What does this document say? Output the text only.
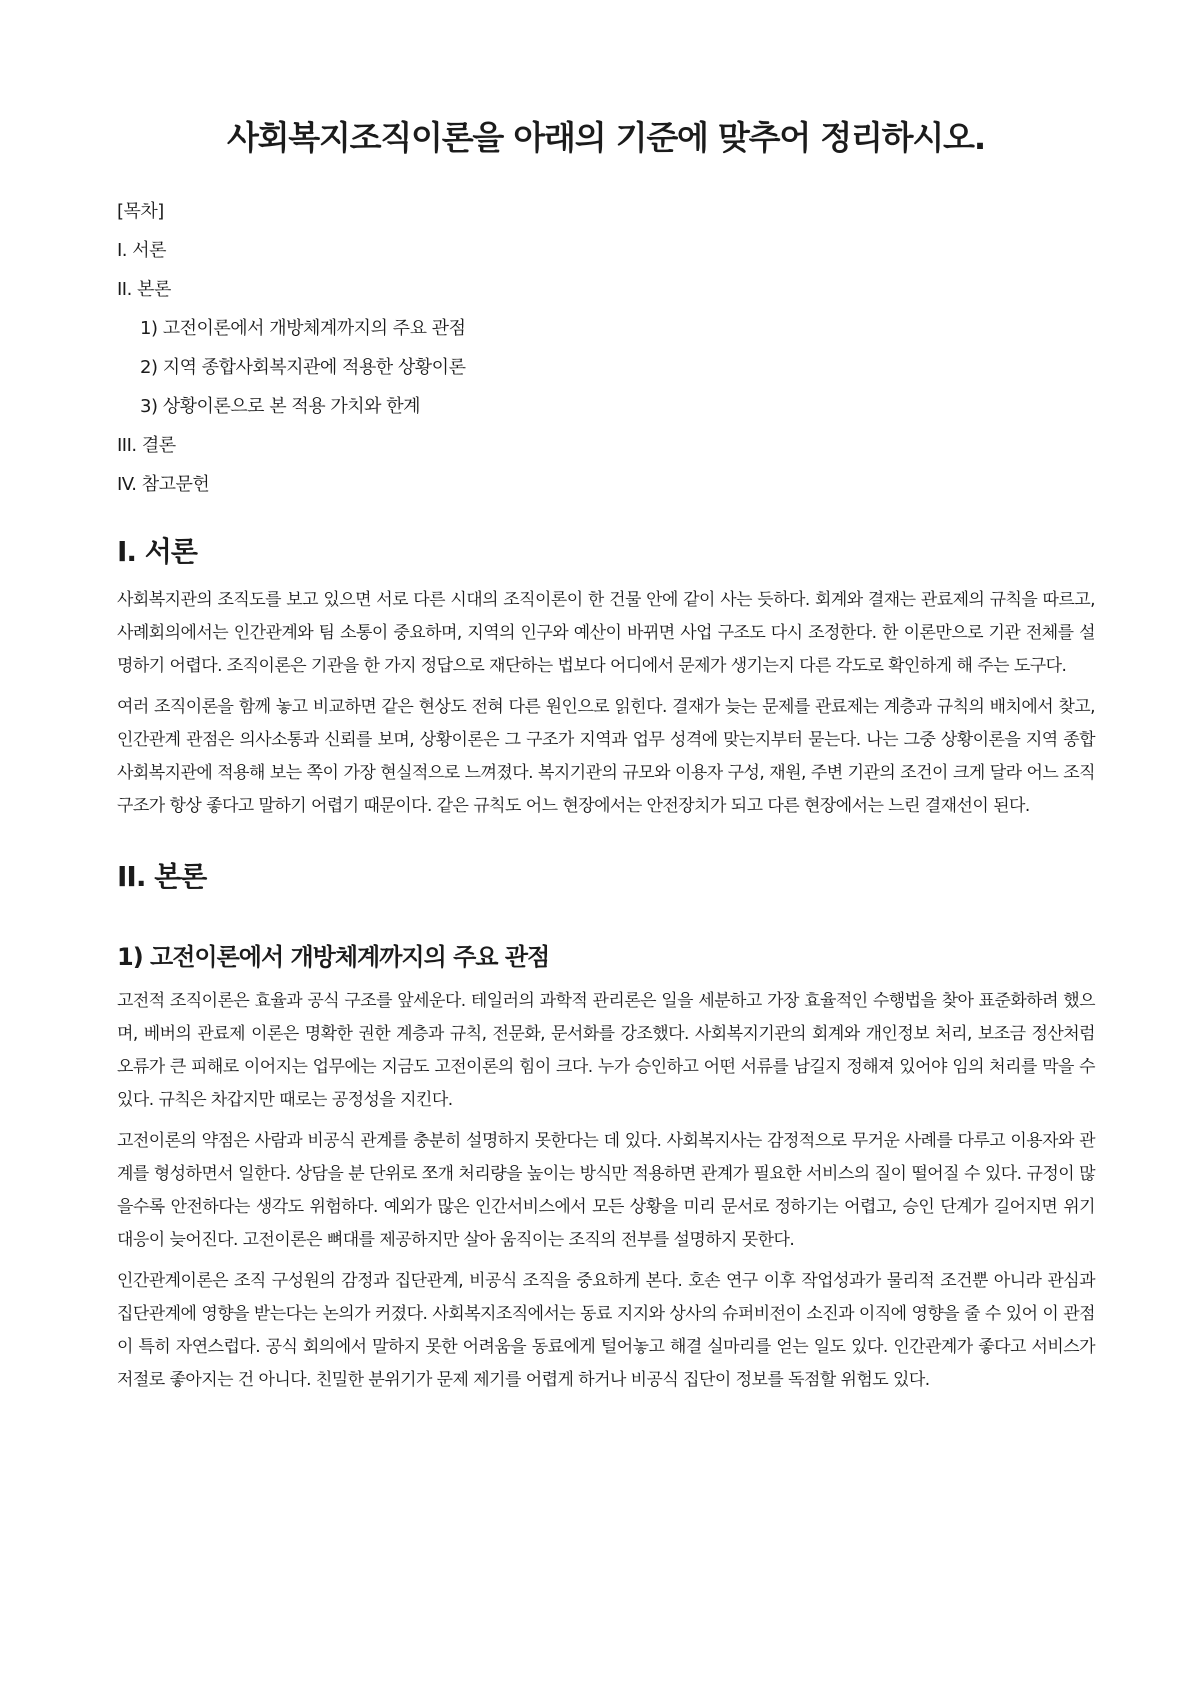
사회복지조직이론을 아래의 기준에 맞추어 정리하시오.
[목차]
I. 서론
II. 본론
1) 고전이론에서 개방체계까지의 주요 관점
2) 지역 종합사회복지관에 적용한 상황이론
3) 상황이론으로 본 적용 가치와 한계
III. 결론
IV. 참고문헌
I. 서론

사회복지관의 조직도를 보고 있으면 서로 다른 시대의 조직이론이 한 건물 안에 같이 사는 듯하다. 회계와 결재는 관료제의 규칙을 따르고, 사례회의에서는 인간관계와 팀 소통이 중요하며, 지역의 인구와 예산이 바뀌면 사업 구조도 다시 조정한다. 한 이론만으로 기관 전체를 설명하기 어렵다. 조직이론은 기관을 한 가지 정답으로 재단하는 법보다 어디에서 문제가 생기는지 다른 각도로 확인하게 해 주는 도구다.

여러 조직이론을 함께 놓고 비교하면 같은 현상도 전혀 다른 원인으로 읽힌다. 결재가 늦는 문제를 관료제는 계층과 규칙의 배치에서 찾고, 인간관계 관점은 의사소통과 신뢰를 보며, 상황이론은 그 구조가 지역과 업무 성격에 맞는지부터 묻는다. 나는 그중 상황이론을 지역 종합사회복지관에 적용해 보는 쪽이 가장 현실적으로 느껴졌다. 복지기관의 규모와 이용자 구성, 재원, 주변 기관의 조건이 크게 달라 어느 조직구조가 항상 좋다고 말하기 어렵기 때문이다. 같은 규칙도 어느 현장에서는 안전장치가 되고 다른 현장에서는 느린 결재선이 된다.

II. 본론
1) 고전이론에서 개방체계까지의 주요 관점

고전적 조직이론은 효율과 공식 구조를 앞세운다. 테일러의 과학적 관리론은 일을 세분하고 가장 효율적인 수행법을 찾아 표준화하려 했으며, 베버의 관료제 이론은 명확한 권한 계층과 규칙, 전문화, 문서화를 강조했다. 사회복지기관의 회계와 개인정보 처리, 보조금 정산처럼 오류가 큰 피해로 이어지는 업무에는 지금도 고전이론의 힘이 크다. 누가 승인하고 어떤 서류를 남길지 정해져 있어야 임의 처리를 막을 수 있다. 규칙은 차갑지만 때로는 공정성을 지킨다.

고전이론의 약점은 사람과 비공식 관계를 충분히 설명하지 못한다는 데 있다. 사회복지사는 감정적으로 무거운 사례를 다루고 이용자와 관계를 형성하면서 일한다. 상담을 분 단위로 쪼개 처리량을 높이는 방식만 적용하면 관계가 필요한 서비스의 질이 떨어질 수 있다. 규정이 많을수록 안전하다는 생각도 위험하다. 예외가 많은 인간서비스에서 모든 상황을 미리 문서로 정하기는 어렵고, 승인 단계가 길어지면 위기 대응이 늦어진다. 고전이론은 뼈대를 제공하지만 살아 움직이는 조직의 전부를 설명하지 못한다.

인간관계이론은 조직 구성원의 감정과 집단관계, 비공식 조직을 중요하게 본다. 호손 연구 이후 작업성과가 물리적 조건뿐 아니라 관심과 집단관계에 영향을 받는다는 논의가 커졌다. 사회복지조직에서는 동료 지지와 상사의 슈퍼비전이 소진과 이직에 영향을 줄 수 있어 이 관점이 특히 자연스럽다. 공식 회의에서 말하지 못한 어려움을 동료에게 털어놓고 해결 실마리를 얻는 일도 있다. 인간관계가 좋다고 서비스가 저절로 좋아지는 건 아니다. 친밀한 분위기가 문제 제기를 어렵게 하거나 비공식 집단이 정보를 독점할 위험도 있다.
